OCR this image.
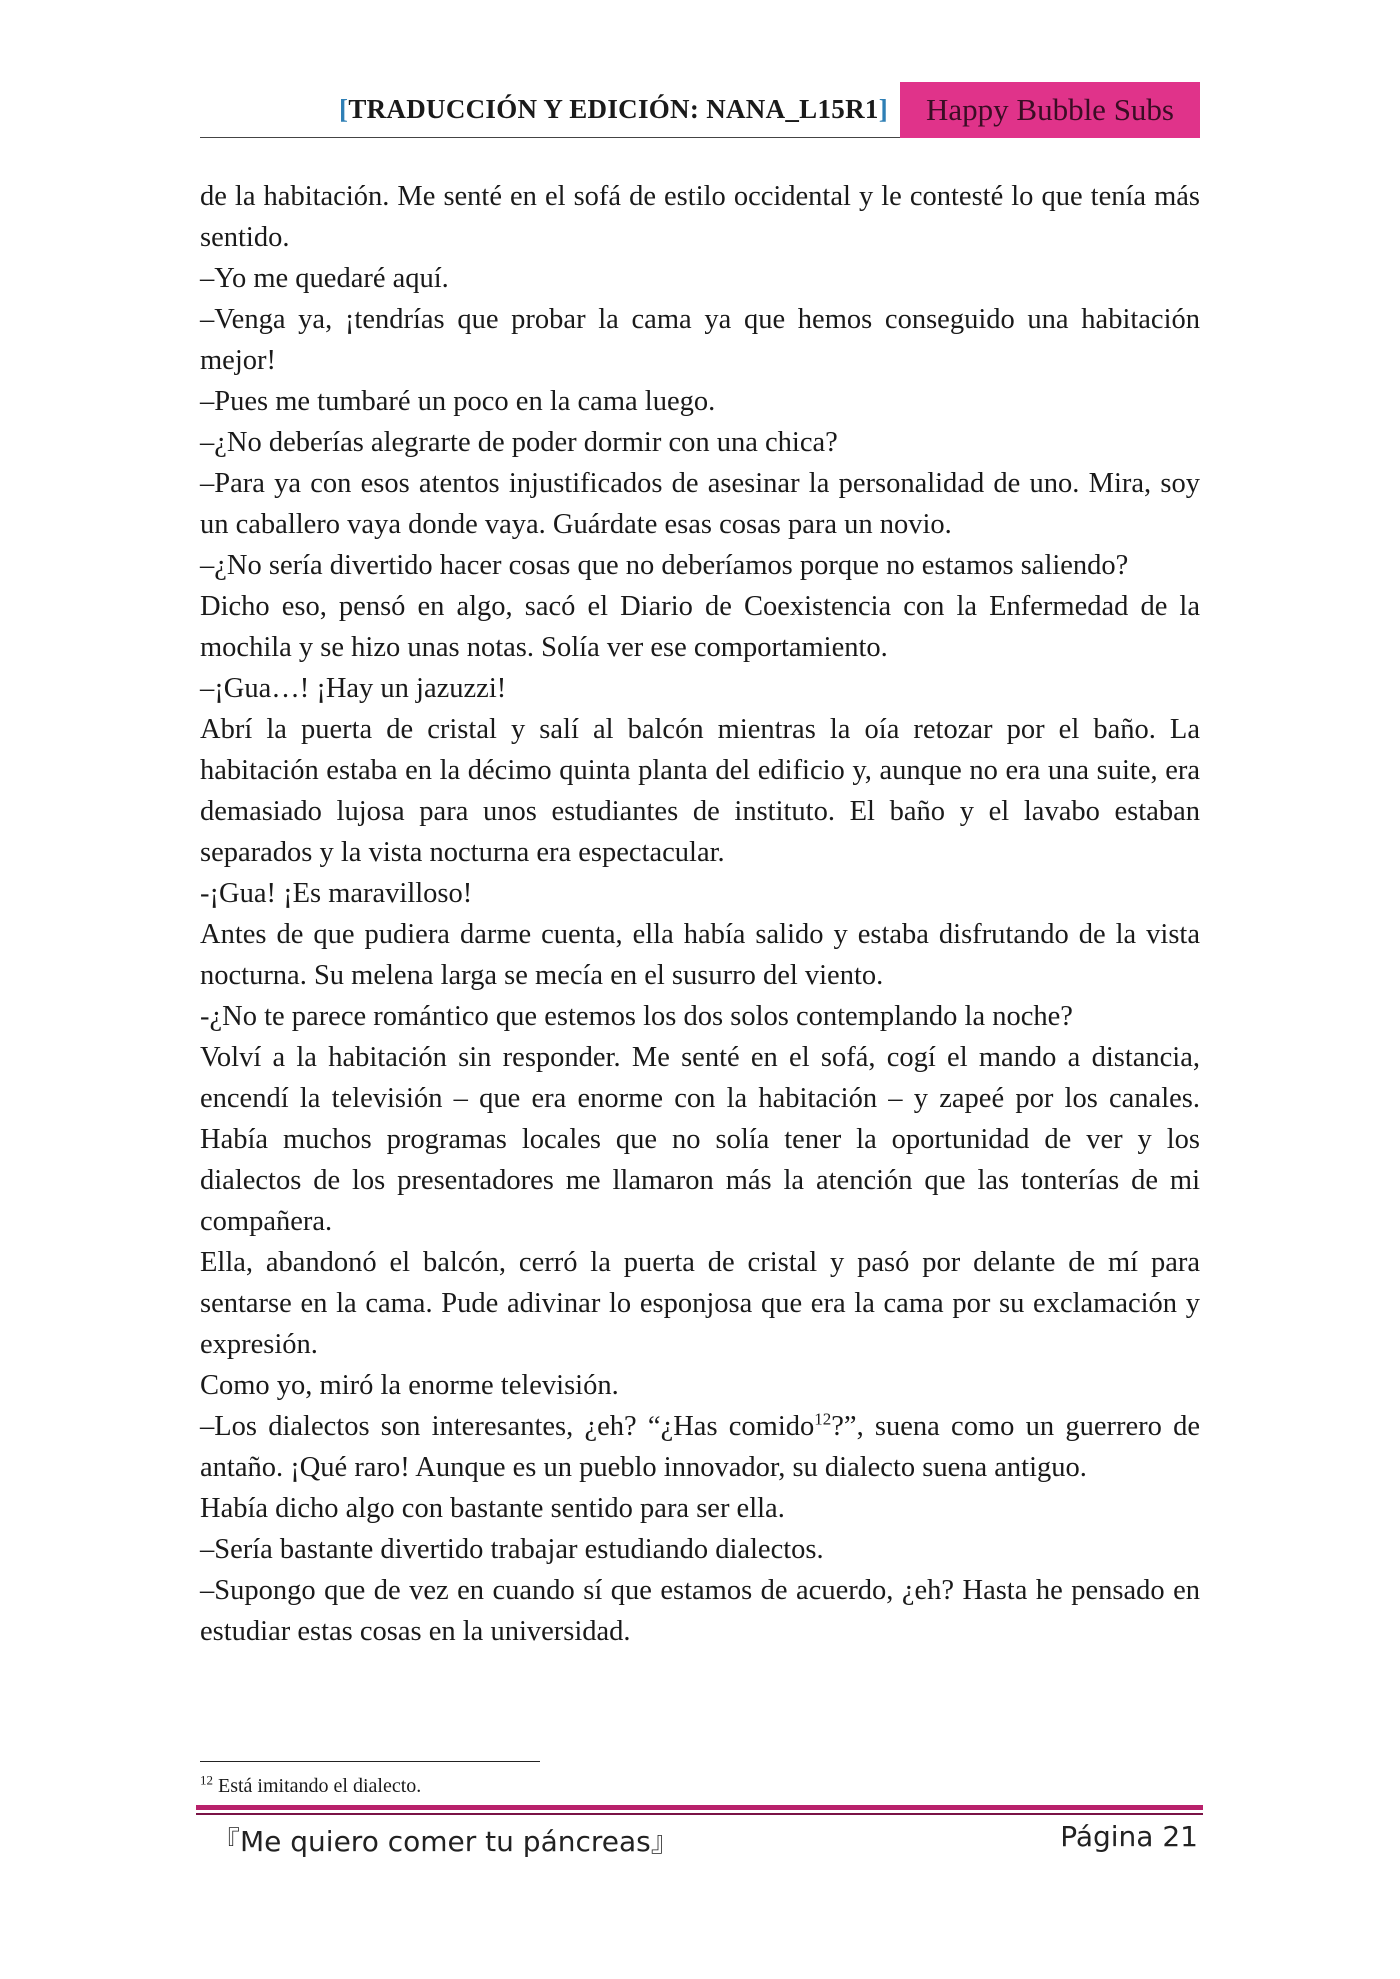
[TRADUCCIÓN Y EDICIÓN: NANA_L15R1]	Happy Bubble Subs

de la habitación. Me senté en el sofá de estilo occidental y le contesté lo que tenía más sentido.

–Yo me quedaré aquí.

–Venga ya, ¡tendrías que probar la cama ya que hemos conseguido una habitación mejor!

–Pues me tumbaré un poco en la cama luego.

–¿No deberías alegrarte de poder dormir con una chica?

–Para ya con esos atentos injustificados de asesinar la personalidad de uno. Mira, soy un caballero vaya donde vaya. Guárdate esas cosas para un novio.

–¿No sería divertido hacer cosas que no deberíamos porque no estamos saliendo?

Dicho eso, pensó en algo, sacó el Diario de Coexistencia con la Enfermedad de la mochila y se hizo unas notas. Solía ver ese comportamiento.

–¡Gua…! ¡Hay un jazuzzi!

Abrí la puerta de cristal y salí al balcón mientras la oía retozar por el baño. La habitación estaba en la décimo quinta planta del edificio y, aunque no era una suite, era demasiado lujosa para unos estudiantes de instituto. El baño y el lavabo estaban separados y la vista nocturna era espectacular.

-¡Gua! ¡Es maravilloso!

Antes de que pudiera darme cuenta, ella había salido y estaba disfrutando de la vista nocturna. Su melena larga se mecía en el susurro del viento.

-¿No te parece romántico que estemos los dos solos contemplando la noche?

Volví a la habitación sin responder. Me senté en el sofá, cogí el mando a distancia, encendí la televisión – que era enorme con la habitación – y zapeé por los canales. Había muchos programas locales que no solía tener la oportunidad de ver y los dialectos de los presentadores me llamaron más la atención que las tonterías de mi compañera.

Ella, abandonó el balcón, cerró la puerta de cristal y pasó por delante de mí para sentarse en la cama. Pude adivinar lo esponjosa que era la cama por su exclamación y expresión.

Como yo, miró la enorme televisión.

–Los dialectos son interesantes, ¿eh? “¿Has comido$^{12}$?”, suena como un guerrero de antaño. ¡Qué raro! Aunque es un pueblo innovador, su dialecto suena antiguo.

Había dicho algo con bastante sentido para ser ella.

–Sería bastante divertido trabajar estudiando dialectos.

–Supongo que de vez en cuando sí que estamos de acuerdo, ¿eh? Hasta he pensado en estudiar estas cosas en la universidad.

$^{12}$ Está imitando el dialecto.
『Me quiero comer tu páncreas』	Página 21
